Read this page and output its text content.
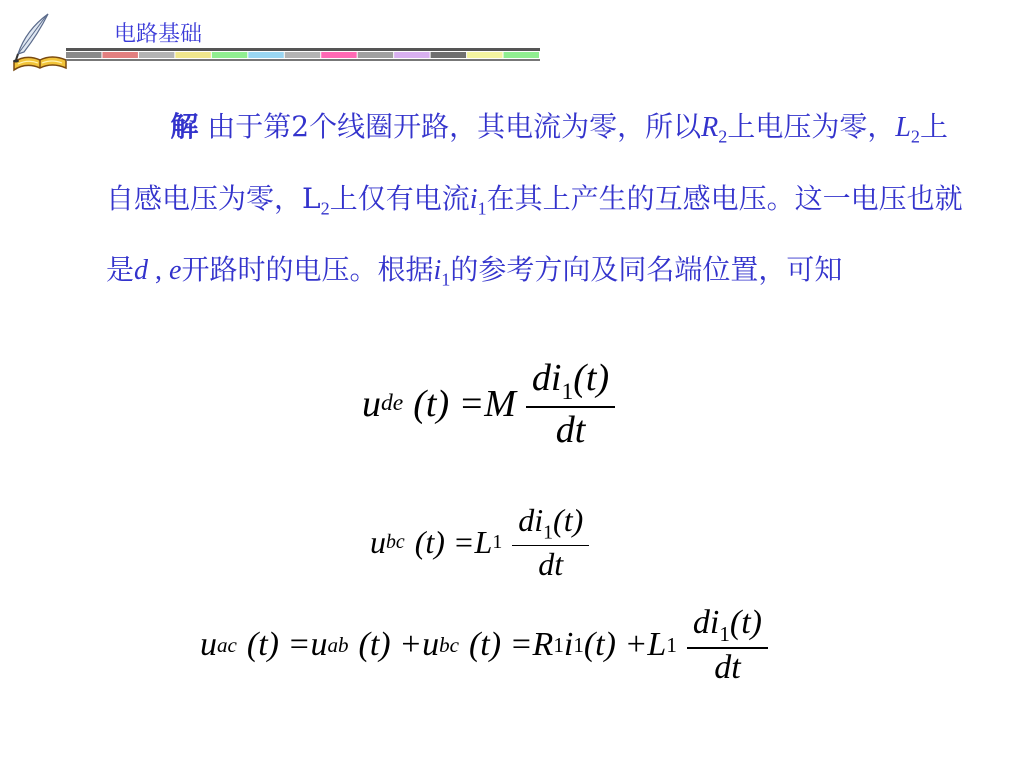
电路基础

解 由于第2个线圈开路，其电流为零，所以$R_2$上电压为零，$L_2$上自感电压为零，$L_2$上仅有电流$i_1$在其上产生的互感电压。这一电压也就是d , e开路时的电压。根据$i_1$的参考方向及同名端位置，可知

u de (t) = M $\frac{di_1(t)}{dt}$
u bc (t) = L $1 \frac{di_1(t)}{dt}$
u ac (t) = u ab (t) + u bc (t) = R 1 i 1 (t) + L $1 \frac{di_1(t)}{dt}$
